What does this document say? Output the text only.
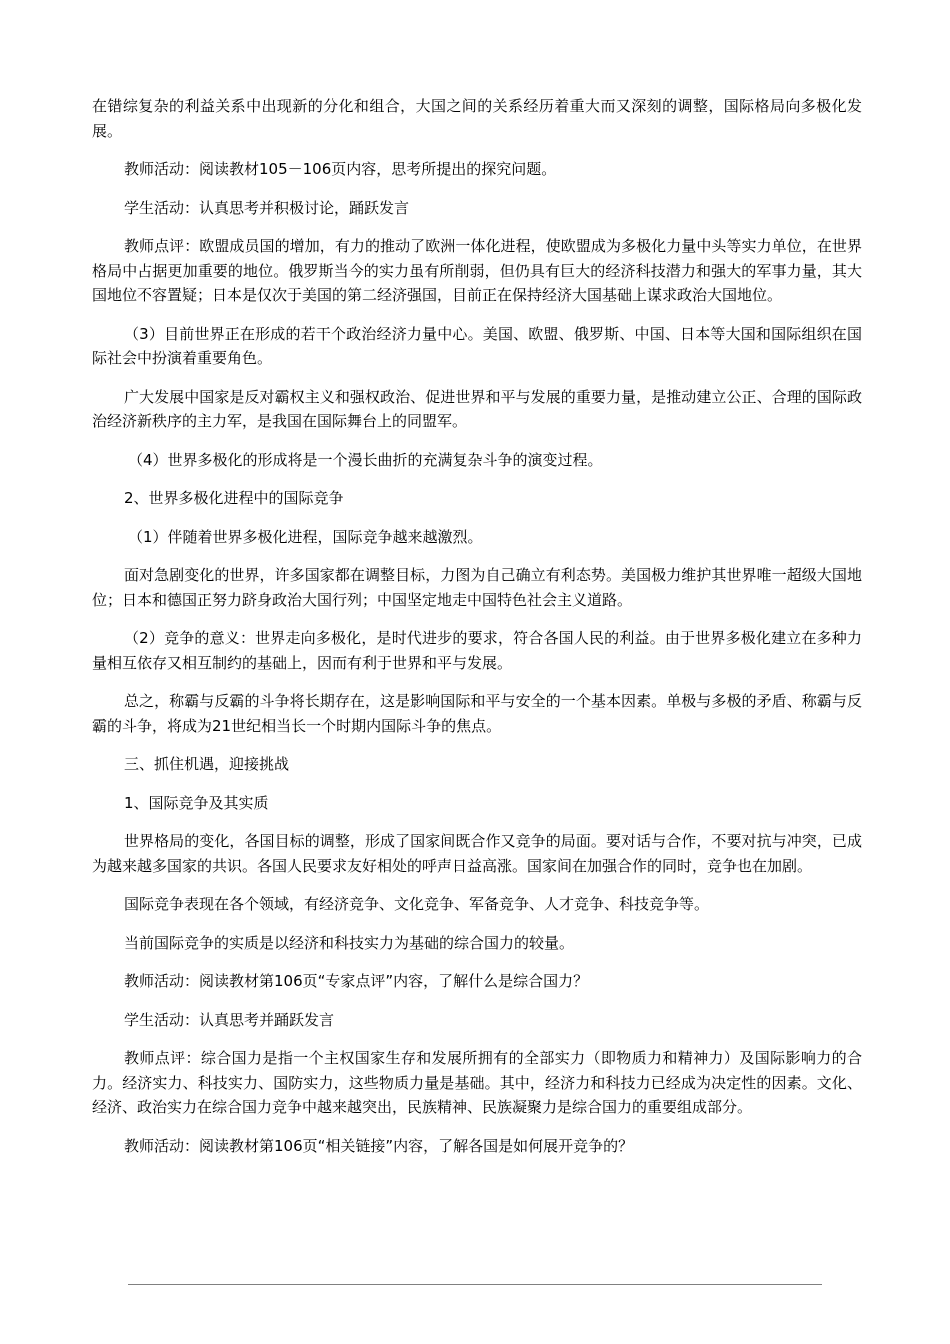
在错综复杂的利益关系中出现新的分化和组合，大国之间的关系经历着重大而又深刻的调整，国际格局向多极化发展。

教师活动：阅读教材105－106页内容，思考所提出的探究问题。

学生活动：认真思考并积极讨论，踊跃发言

教师点评：欧盟成员国的增加，有力的推动了欧洲一体化进程，使欧盟成为多极化力量中头等实力单位，在世界格局中占据更加重要的地位。俄罗斯当今的实力虽有所削弱，但仍具有巨大的经济科技潜力和强大的军事力量，其大国地位不容置疑；日本是仅次于美国的第二经济强国，目前正在保持经济大国基础上谋求政治大国地位。

（3）目前世界正在形成的若干个政治经济力量中心。美国、欧盟、俄罗斯、中国、日本等大国和国际组织在国际社会中扮演着重要角色。

广大发展中国家是反对霸权主义和强权政治、促进世界和平与发展的重要力量，是推动建立公正、合理的国际政治经济新秩序的主力军，是我国在国际舞台上的同盟军。

（4）世界多极化的形成将是一个漫长曲折的充满复杂斗争的演变过程。

2、世界多极化进程中的国际竞争

（1）伴随着世界多极化进程，国际竞争越来越激烈。

面对急剧变化的世界，许多国家都在调整目标，力图为自己确立有利态势。美国极力维护其世界唯一超级大国地位；日本和德国正努力跻身政治大国行列；中国坚定地走中国特色社会主义道路。

（2）竞争的意义：世界走向多极化，是时代进步的要求，符合各国人民的利益。由于世界多极化建立在多种力量相互依存又相互制约的基础上，因而有利于世界和平与发展。

总之，称霸与反霸的斗争将长期存在，这是影响国际和平与安全的一个基本因素。单极与多极的矛盾、称霸与反霸的斗争，将成为21世纪相当长一个时期内国际斗争的焦点。

三、抓住机遇，迎接挑战

1、国际竞争及其实质

世界格局的变化，各国目标的调整，形成了国家间既合作又竞争的局面。要对话与合作，不要对抗与冲突，已成为越来越多国家的共识。各国人民要求友好相处的呼声日益高涨。国家间在加强合作的同时，竞争也在加剧。

国际竞争表现在各个领域，有经济竞争、文化竞争、军备竞争、人才竞争、科技竞争等。

当前国际竞争的实质是以经济和科技实力为基础的综合国力的较量。

教师活动：阅读教材第106页“专家点评”内容，了解什么是综合国力？

学生活动：认真思考并踊跃发言

教师点评：综合国力是指一个主权国家生存和发展所拥有的全部实力（即物质力和精神力）及国际影响力的合力。经济实力、科技实力、国防实力，这些物质力量是基础。其中，经济力和科技力已经成为决定性的因素。文化、经济、政治实力在综合国力竞争中越来越突出，民族精神、民族凝聚力是综合国力的重要组成部分。

教师活动：阅读教材第106页“相关链接”内容，了解各国是如何展开竞争的？
